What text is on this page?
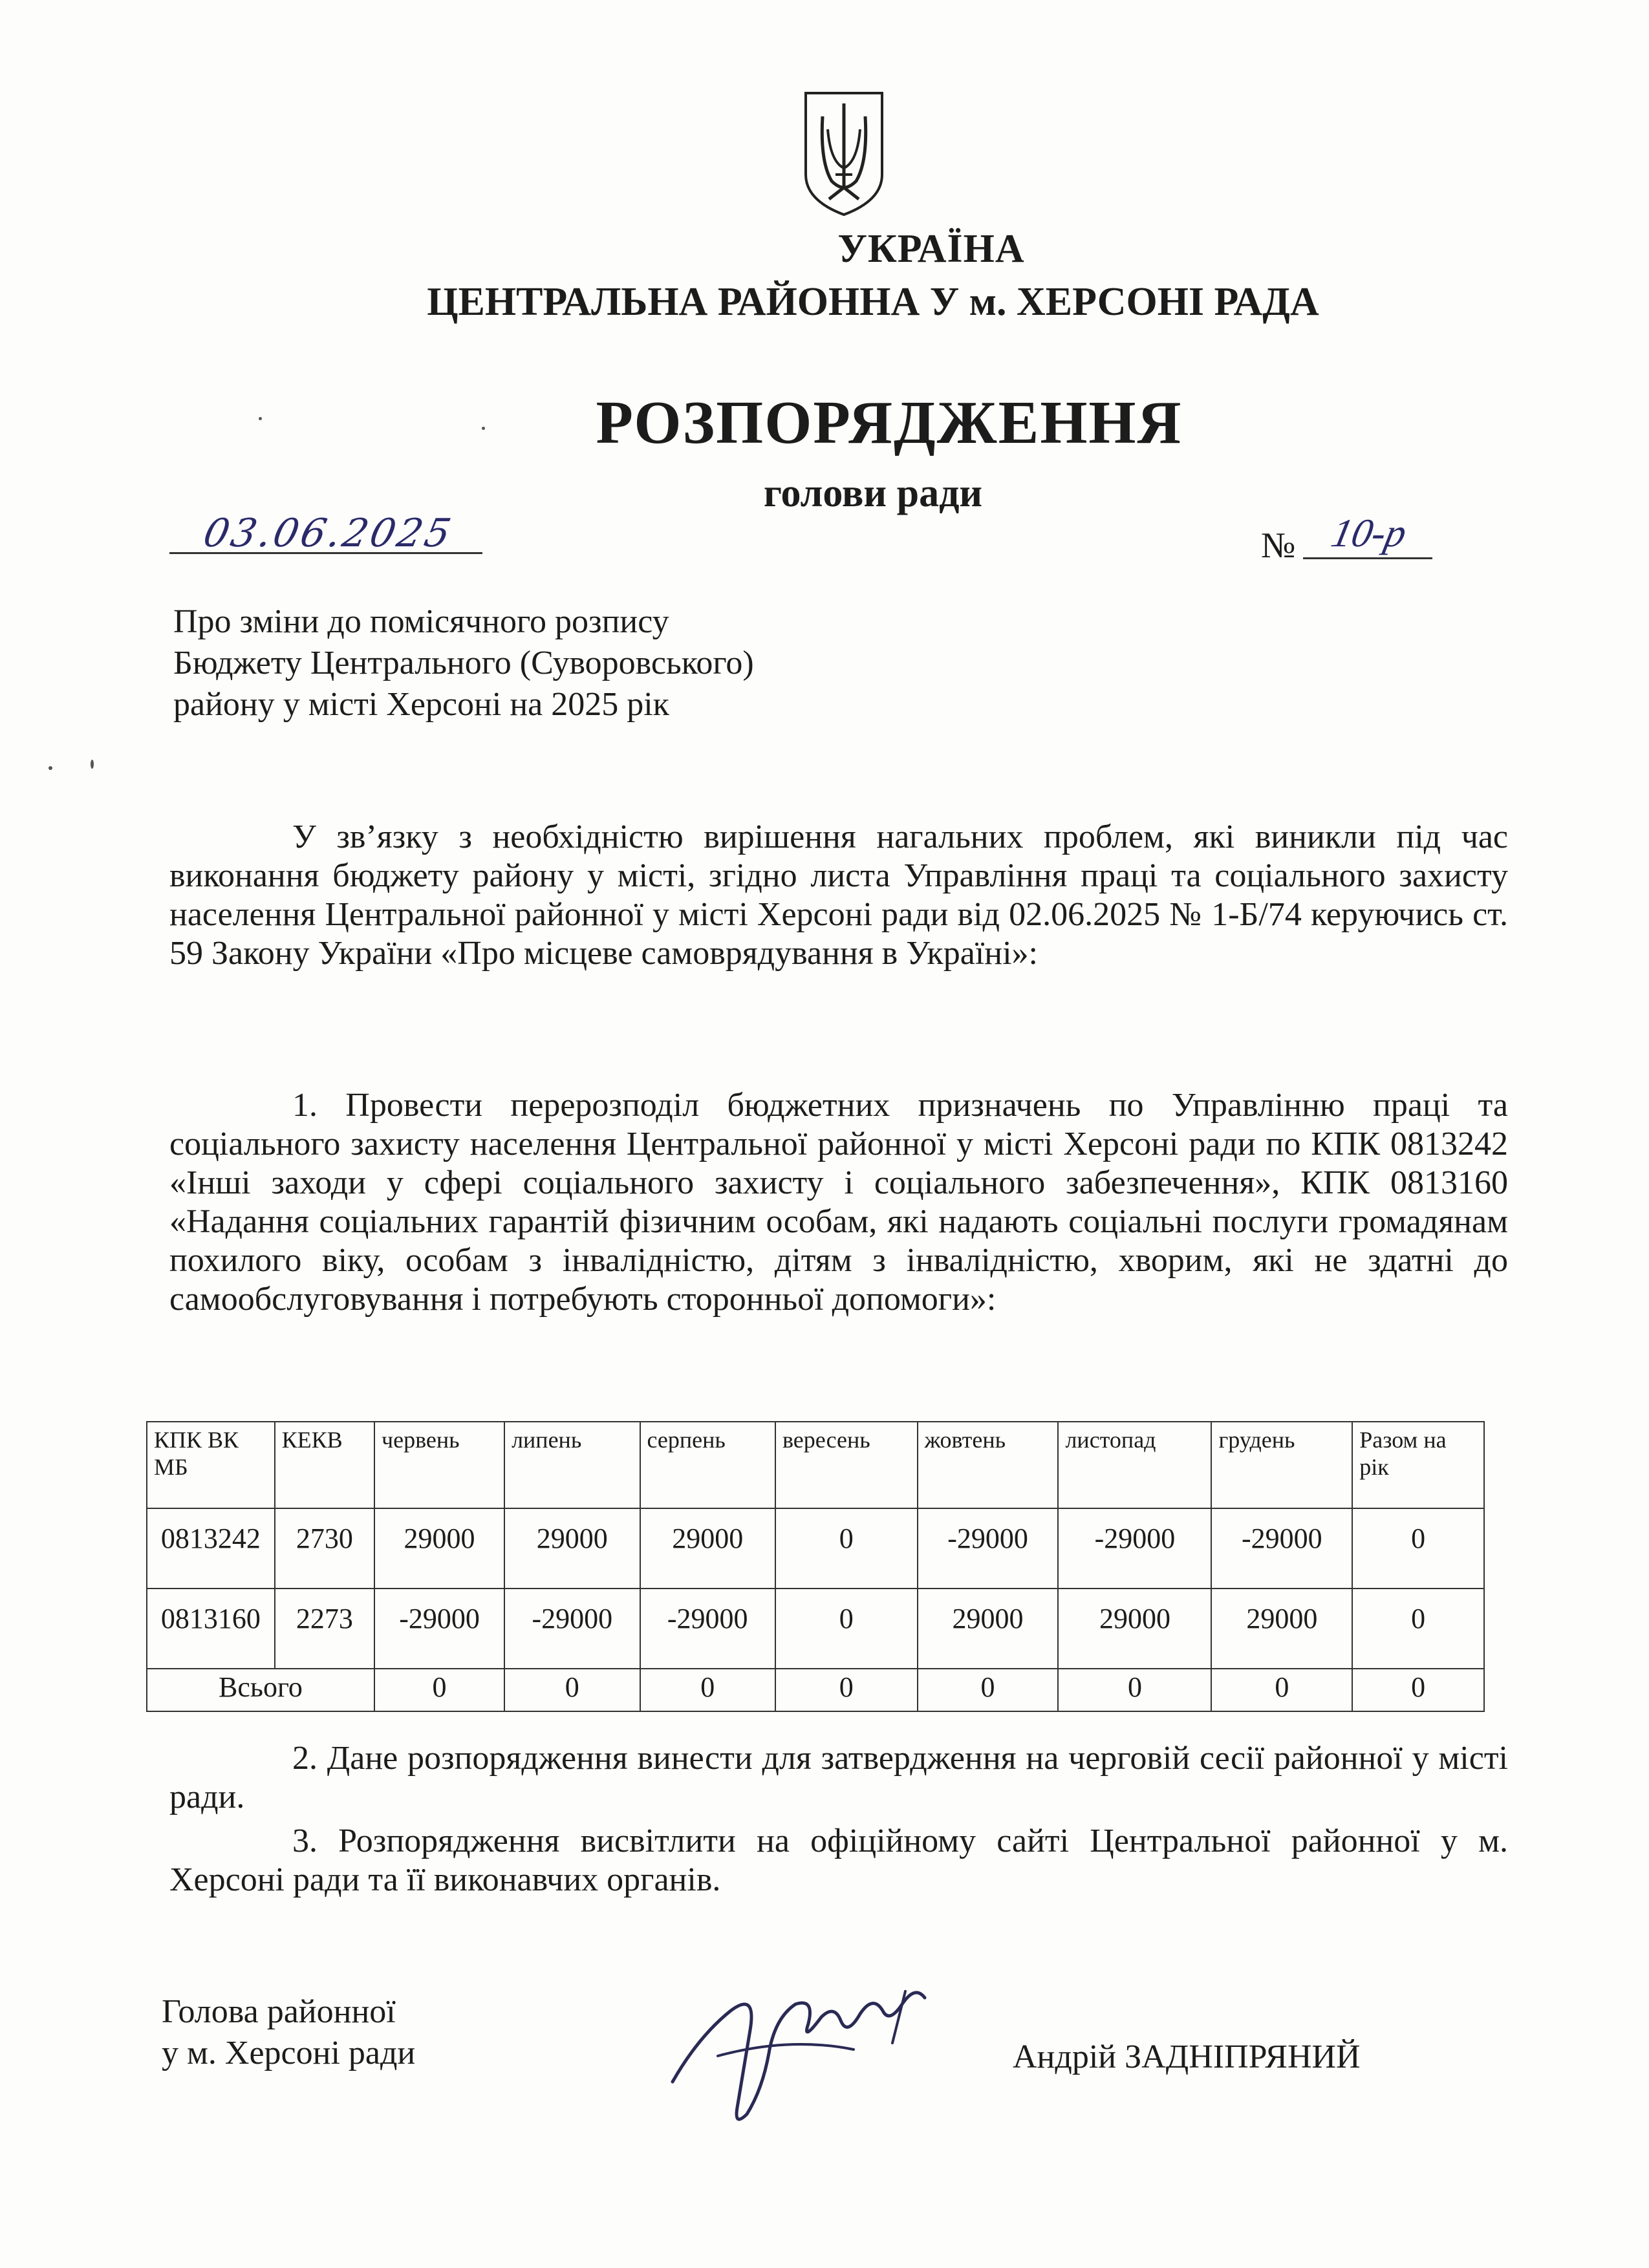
УКРАЇНА
ЦЕНТРАЛЬНА РАЙОННА У м. ХЕРСОНІ РАДА
РОЗПОРЯДЖЕННЯ
голови ради
03.06.2025	№ 10-р
Про зміни до помісячного розпису
Бюджету Центрального (Суворовського)
району у місті Херсоні на 2025 рік
У зв’язку з необхідністю вирішення нагальних проблем, які виникли під час виконання бюджету району у місті, згідно листа Управління праці та соціального захисту населення Центральної районної у місті Херсоні ради від 02.06.2025 № 1-Б/74 керуючись ст. 59 Закону України «Про місцеве самоврядування в Україні»:
1. Провести перерозподіл бюджетних призначень по Управлінню праці та соціального захисту населення Центральної районної у місті Херсоні ради по КПК 0813242 «Інші заходи у сфері соціального захисту і соціального забезпечення», КПК 0813160 «Надання соціальних гарантій фізичним особам, які надають соціальні послуги громадянам похилого віку, особам з інвалідністю, дітям з інвалідністю, хворим, які не здатні до самообслуговування і потребують сторонньої допомоги»:
КПК ВК МБ	КЕКВ	червень	липень	серпень	вересень	жовтень	листопад	грудень	Разом на рік
0813242	2730	29000	29000	29000	0	-29000	-29000	-29000	0
0813160	2273	-29000	-29000	-29000	0	29000	29000	29000	0
Всього		0	0	0	0	0	0	0	0
2. Дане розпорядження винести для затвердження на черговій сесії районної у місті ради.
3. Розпорядження висвітлити на офіційному сайті Центральної районної у м. Херсоні ради та її виконавчих органів.
Голова районної
у м. Херсоні ради	Андрій ЗАДНІПРЯНИЙ
